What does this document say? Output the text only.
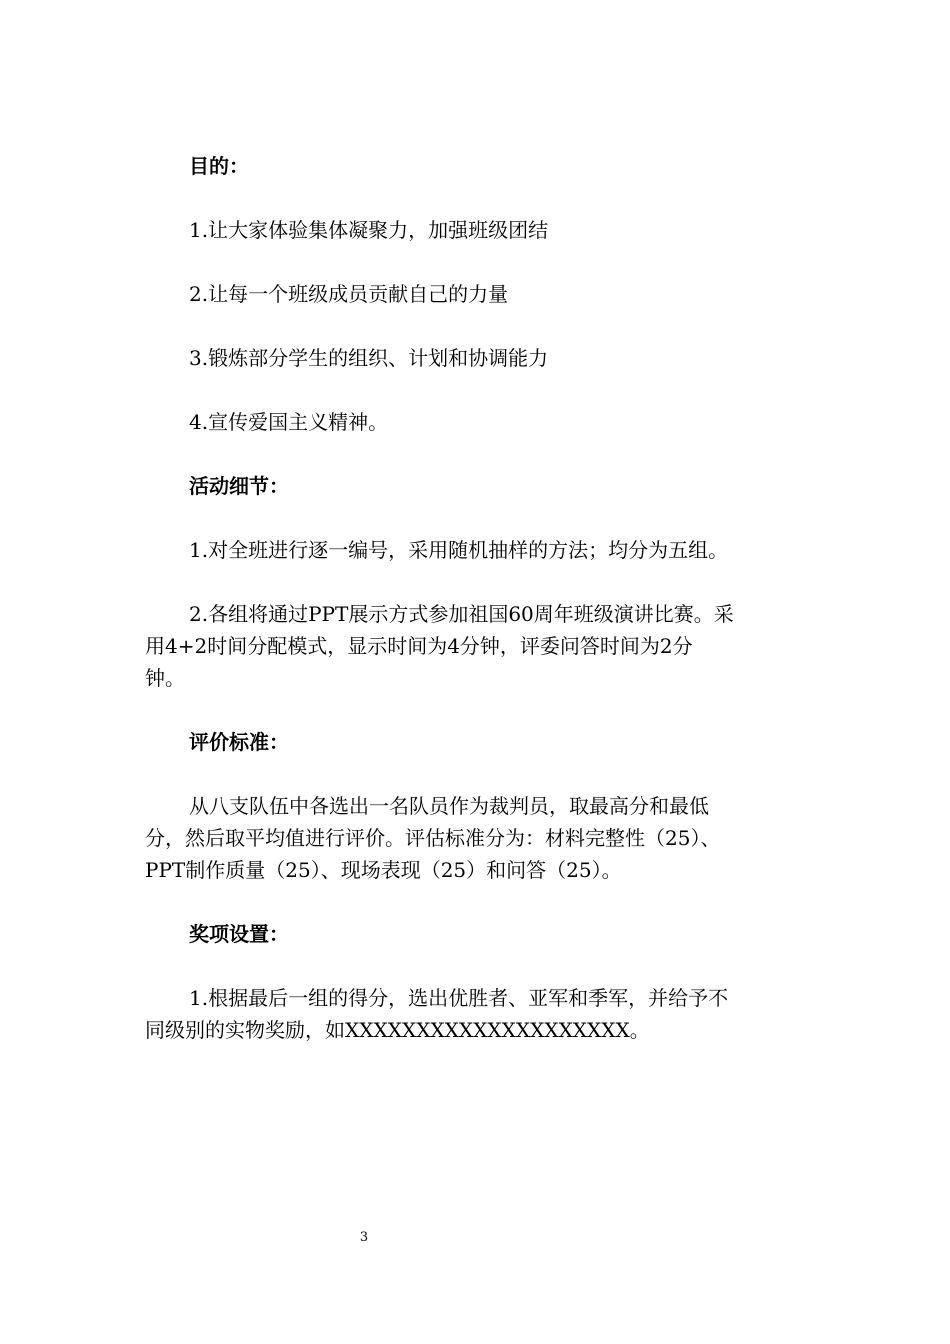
目的：
1.让大家体验集体凝聚力，加强班级团结
2.让每一个班级成员贡献自己的力量
3.锻炼部分学生的组织、计划和协调能力
4.宣传爱国主义精神。
活动细节：
1.对全班进行逐一编号，采用随机抽样的方法；均分为五组。
2.各组将通过PPT展示方式参加祖国60周年班级演讲比赛。采
用4+2时间分配模式，显示时间为4分钟，评委问答时间为2分
钟。
评价标准：
从八支队伍中各选出一名队员作为裁判员，取最高分和最低
分，然后取平均值进行评价。评估标准分为：材料完整性（25）、
PPT制作质量（25）、现场表现（25）和问答（25）。
奖项设置：
1.根据最后一组的得分，选出优胜者、亚军和季军，并给予不
同级别的实物奖励，如XXXXXXXXXXXXXXXXXXXX。
3
